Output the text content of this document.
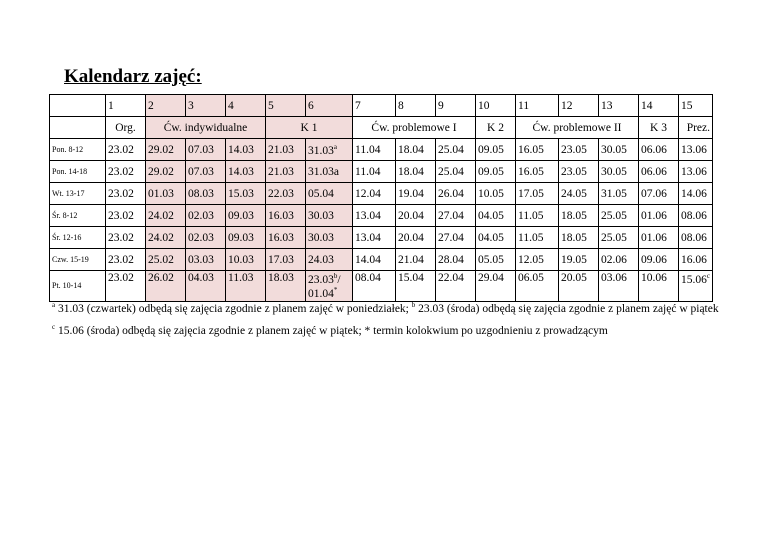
Kalendarz zajęć:
	1	2	3	4	5	6	7	8	9	10	11	12	13	14	15
	Org.	Ćw. indywidualne			K 1		Ćw. problemowe I			K 2	Ćw. problemowe II			K 3	Prez.
Pon. 8-12	23.02	29.02	07.03	14.03	21.03	31.03$^a$	11.04	18.04	25.04	09.05	16.05	23.05	30.05	06.06	13.06
Pon. 14-18	23.02	29.02	07.03	14.03	21.03	31.03a	11.04	18.04	25.04	09.05	16.05	23.05	30.05	06.06	13.06
Wt. 13-17	23.02	01.03	08.03	15.03	22.03	05.04	12.04	19.04	26.04	10.05	17.05	24.05	31.05	07.06	14.06
Śr. 8-12	23.02	24.02	02.03	09.03	16.03	30.03	13.04	20.04	27.04	04.05	11.05	18.05	25.05	01.06	08.06
Śr. 12-16	23.02	24.02	02.03	09.03	16.03	30.03	13.04	20.04	27.04	04.05	11.05	18.05	25.05	01.06	08.06
Czw. 15-19	23.02	25.02	03.03	10.03	17.03	24.03	14.04	21.04	28.04	05.05	12.05	19.05	02.06	09.06	16.06
Pt. 10-14	23.02	26.02	04.03	11.03	18.03	23.03$^b$/
01.04*	08.04	15.04	22.04	29.04	06.05	20.05	03.06	10.06	15.06$^c$
$^a$ 31.03 (czwartek) odbędą się zajęcia zgodnie z planem zajęć w poniedziałek; $^b$ 23.03 (środa) odbędą się zajęcia zgodnie z planem zajęć w piątek
$^c$ 15.06 (środa) odbędą się zajęcia zgodnie z planem zajęć w piątek; * termin kolokwium po uzgodnieniu z prowadzącym
